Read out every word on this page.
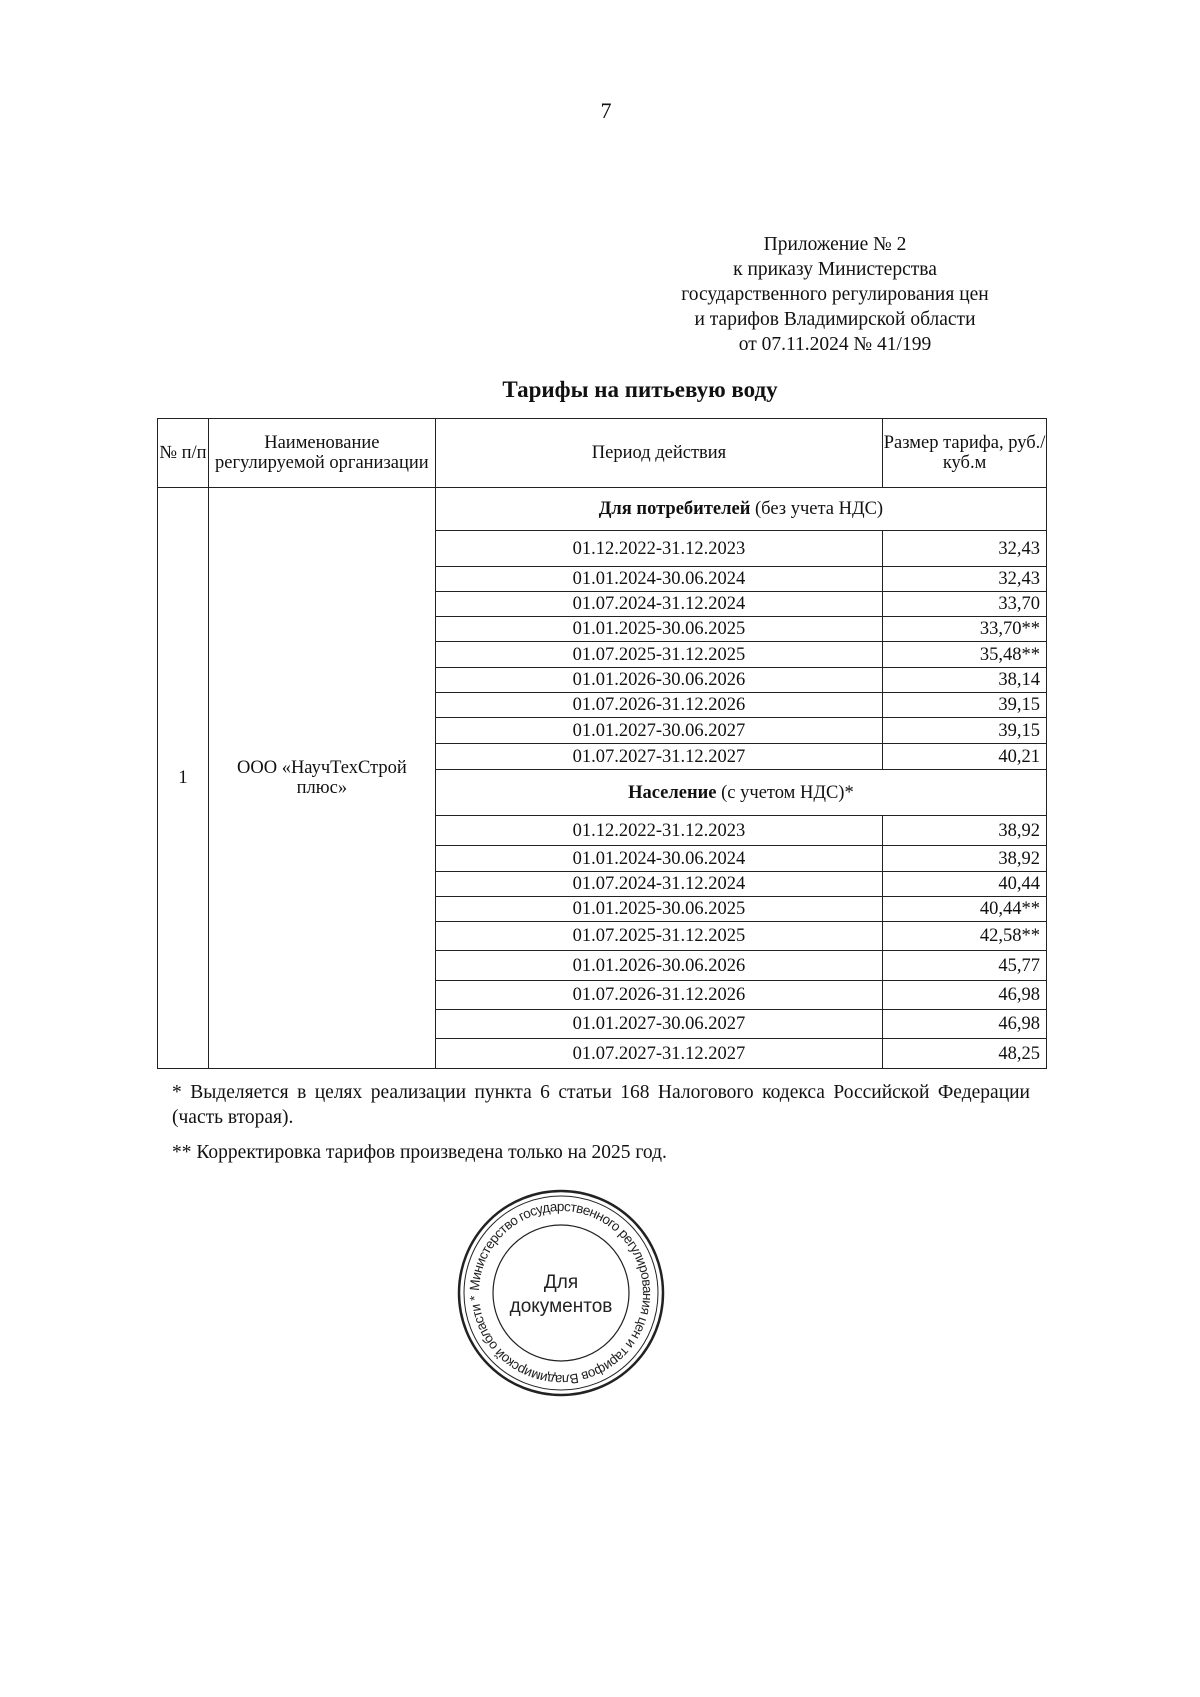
7
Приложение № 2
к приказу Министерства
государственного регулирования цен
и тарифов Владимирской области
от 07.11.2024 № 41/199
Тарифы на питьевую воду
№ п/п	Наименование регулируемой организации	Период действия	Размер тарифа, руб./куб.м
1	ООО «НаучТехСтрой плюс»	Для потребителей (без учета НДС)	
		01.12.2022-31.12.2023	32,43
		01.01.2024-30.06.2024	32,43
		01.07.2024-31.12.2024	33,70
		01.01.2025-30.06.2025	33,70**
		01.07.2025-31.12.2025	35,48**
		01.01.2026-30.06.2026	38,14
		01.07.2026-31.12.2026	39,15
		01.01.2027-30.06.2027	39,15
		01.07.2027-31.12.2027	40,21
		Население (с учетом НДС)*	
		01.12.2022-31.12.2023	38,92
		01.01.2024-30.06.2024	38,92
		01.07.2024-31.12.2024	40,44
		01.01.2025-30.06.2025	40,44**
		01.07.2025-31.12.2025	42,58**
		01.01.2026-30.06.2026	45,77
		01.07.2026-31.12.2026	46,98
		01.01.2027-30.06.2027	46,98
		01.07.2027-31.12.2027	48,25

* Выделяется в целях реализации пункта 6 статьи 168 Налогового кодекса Российской Федерации (часть вторая).

** Корректировка тарифов произведена только на 2025 год.

Министерство государственного регулирования цен и тарифов Владимирской области *
Для
документов
